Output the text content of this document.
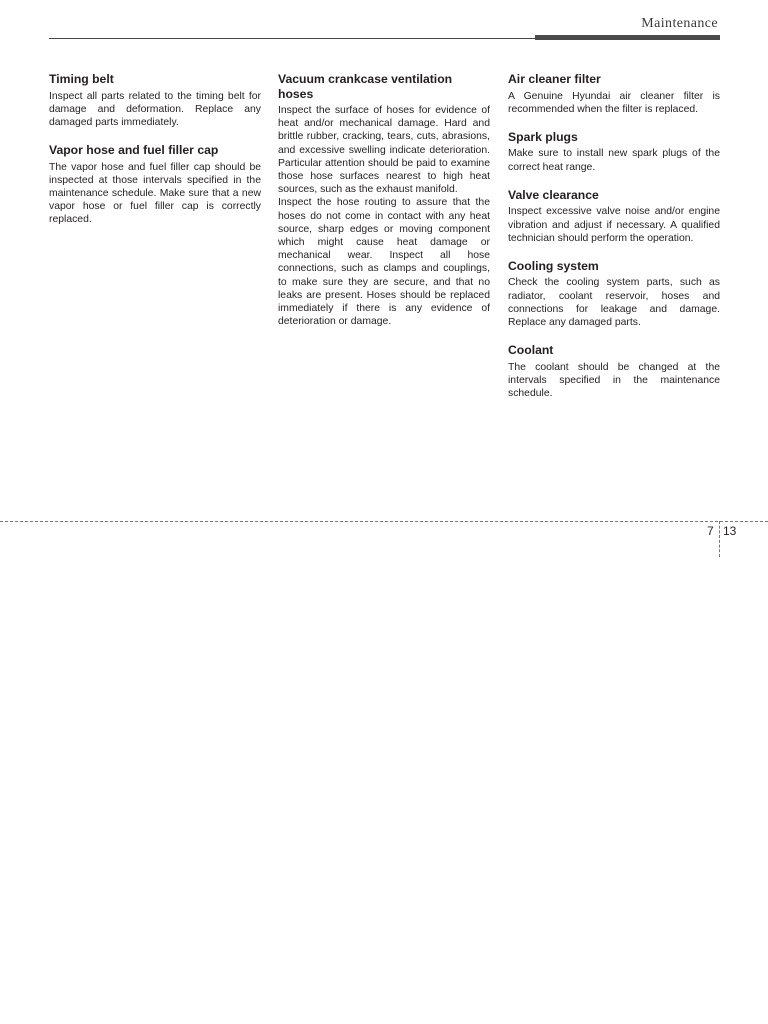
Maintenance
Timing belt

Inspect all parts related to the timing belt for damage and deformation. Replace any damaged parts immediately.

Vapor hose and fuel filler cap

The vapor hose and fuel filler cap should be inspected at those intervals specified in the maintenance schedule. Make sure that a new vapor hose or fuel filler cap is correctly replaced.

Vacuum crankcase ventilation hoses

Inspect the surface of hoses for evidence of heat and/or mechanical damage. Hard and brittle rubber, cracking, tears, cuts, abrasions, and excessive swelling indicate deterioration. Particular attention should be paid to examine those hose surfaces nearest to high heat sources, such as the exhaust manifold.

Inspect the hose routing to assure that the hoses do not come in contact with any heat source, sharp edges or moving component which might cause heat damage or mechanical wear. Inspect all hose connections, such as clamps and couplings, to make sure they are secure, and that no leaks are present. Hoses should be replaced immediately if there is any evidence of deterioration or damage.

Air cleaner filter

A Genuine Hyundai air cleaner filter is recommended when the filter is replaced.

Spark plugs

Make sure to install new spark plugs of the correct heat range.

Valve clearance

Inspect excessive valve noise and/or engine vibration and adjust if necessary. A qualified technician should perform the operation.

Cooling system

Check the cooling system parts, such as radiator, coolant reservoir, hoses and connections for leakage and damage. Replace any damaged parts.

Coolant

The coolant should be changed at the intervals specified in the maintenance schedule.

7 13
